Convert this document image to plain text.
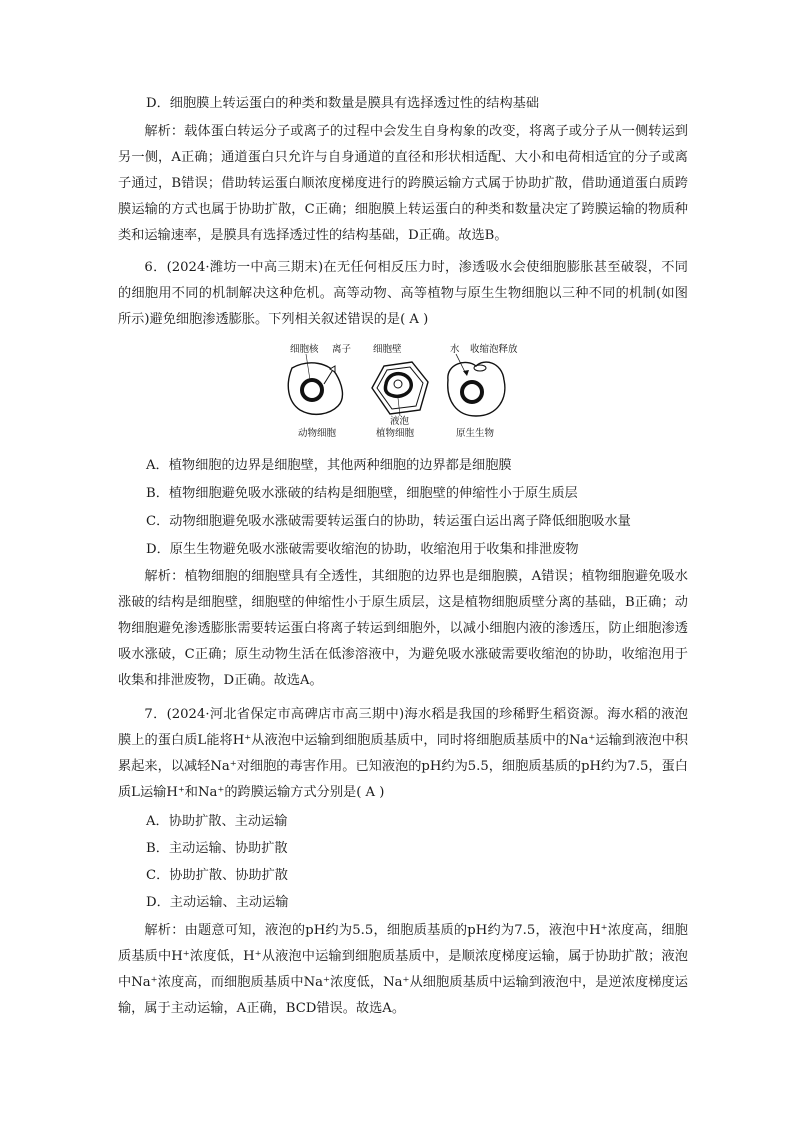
D．细胞膜上转运蛋白的种类和数量是膜具有选择透过性的结构基础
解析：载体蛋白转运分子或离子的过程中会发生自身构象的改变，将离子或分子从一侧转运到另一侧，A正确；通道蛋白只允许与自身通道的直径和形状相适配、大小和电荷相适宜的分子或离子通过，B错误；借助转运蛋白顺浓度梯度进行的跨膜运输方式属于协助扩散，借助通道蛋白质跨膜运输的方式也属于协助扩散，C正确；细胞膜上转运蛋白的种类和数量决定了跨膜运输的物质种类和运输速率，是膜具有选择透过性的结构基础，D正确。故选B。
6．(2024·潍坊一中高三期末)在无任何相反压力时，渗透吸水会使细胞膨胀甚至破裂，不同的细胞用不同的机制解决这种危机。高等动物、高等植物与原生生物细胞以三种不同的机制(如图所示)避免细胞渗透膨胀。下列相关叙述错误的是( A )
细胞核 离子
动物细胞
细胞壁
液泡
植物细胞
水 收缩泡释放
原生生物
A．植物细胞的边界是细胞壁，其他两种细胞的边界都是细胞膜
B．植物细胞避免吸水涨破的结构是细胞壁，细胞壁的伸缩性小于原生质层
C．动物细胞避免吸水涨破需要转运蛋白的协助，转运蛋白运出离子降低细胞吸水量
D．原生生物避免吸水涨破需要收缩泡的协助，收缩泡用于收集和排泄废物
解析：植物细胞的细胞壁具有全透性，其细胞的边界也是细胞膜，A错误；植物细胞避免吸水涨破的结构是细胞壁，细胞壁的伸缩性小于原生质层，这是植物细胞质壁分离的基础，B正确；动物细胞避免渗透膨胀需要转运蛋白将离子转运到细胞外，以减小细胞内液的渗透压，防止细胞渗透吸水涨破，C正确；原生动物生活在低渗溶液中，为避免吸水涨破需要收缩泡的协助，收缩泡用于收集和排泄废物，D正确。故选A。
7．(2024·河北省保定市高碑店市高三期中)海水稻是我国的珍稀野生稻资源。海水稻的液泡膜上的蛋白质L能将H⁺从液泡中运输到细胞质基质中，同时将细胞质基质中的Na⁺运输到液泡中积累起来，以减轻Na⁺对细胞的毒害作用。已知液泡的pH约为5.5，细胞质基质的pH约为7.5，蛋白质L运输H⁺和Na⁺的跨膜运输方式分别是( A )
A．协助扩散、主动运输
B．主动运输、协助扩散
C．协助扩散、协助扩散
D．主动运输、主动运输
解析：由题意可知，液泡的pH约为5.5，细胞质基质的pH约为7.5，液泡中H⁺浓度高，细胞质基质中H⁺浓度低，H⁺从液泡中运输到细胞质基质中，是顺浓度梯度运输，属于协助扩散；液泡中Na⁺浓度高，而细胞质基质中Na⁺浓度低，Na⁺从细胞质基质中运输到液泡中，是逆浓度梯度运输，属于主动运输，A正确，BCD错误。故选A。
